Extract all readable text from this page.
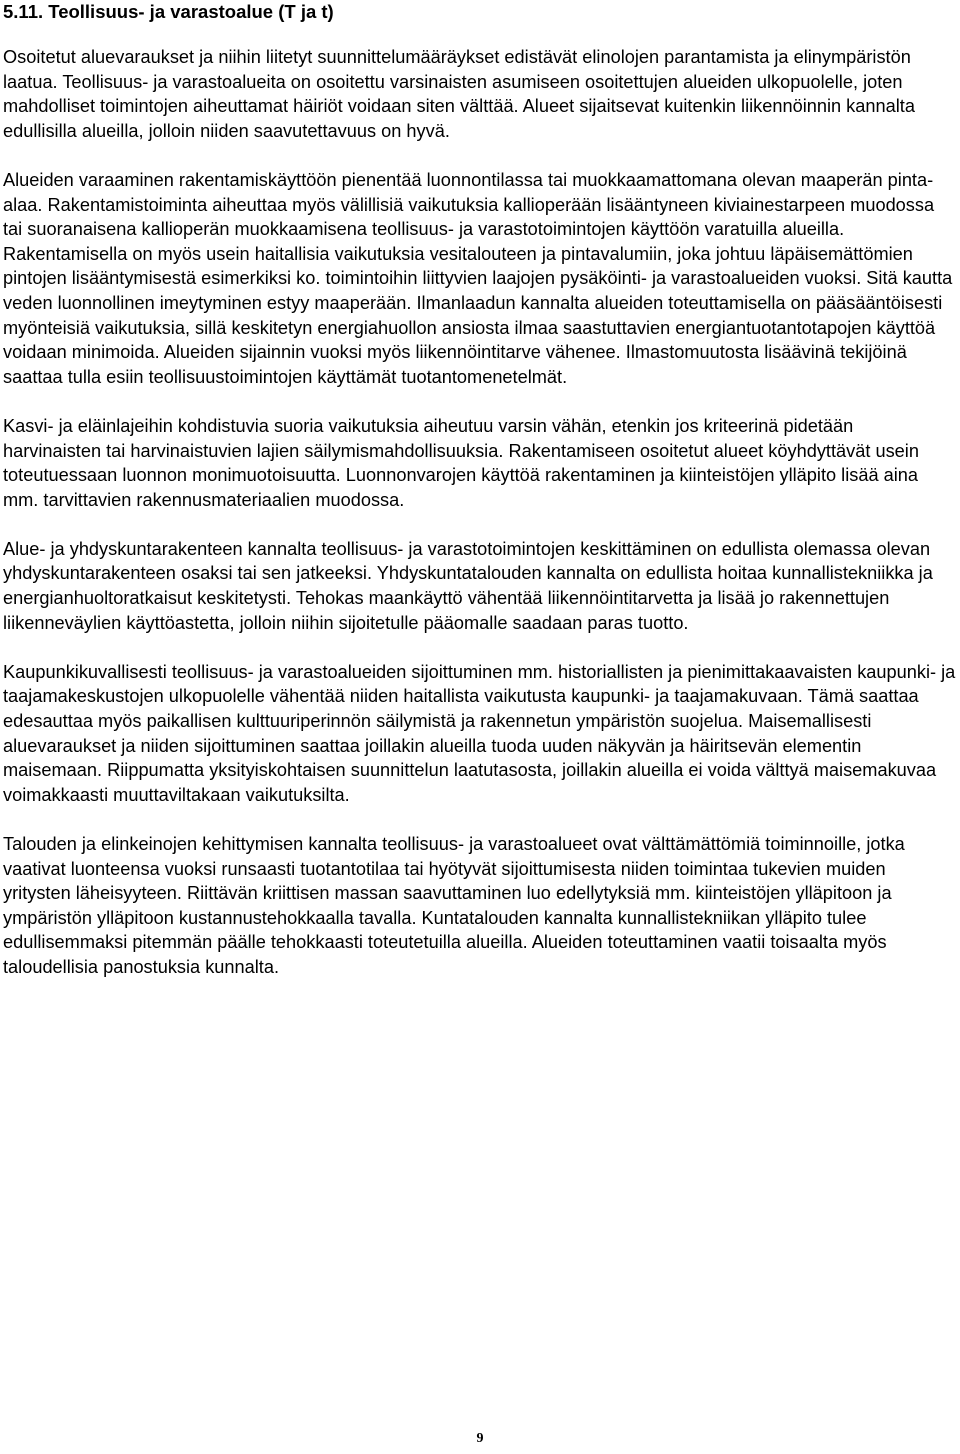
5.11. Teollisuus- ja varastoalue (T ja t)

Osoitetut aluevaraukset ja niihin liitetyt suunnittelumääräykset edistävät elinolojen parantamista ja elinympäristön laatua. Teollisuus- ja varastoalueita on osoitettu varsinaisten asumiseen osoitettujen alueiden ulkopuolelle, joten mahdolliset toimintojen aiheuttamat häiriöt voidaan siten välttää. Alueet sijaitsevat kuitenkin liikennöinnin kannalta edullisilla alueilla, jolloin niiden saavutettavuus on hyvä.

Alueiden varaaminen rakentamiskäyttöön pienentää luonnontilassa tai muokkaamattomana olevan maaperän pinta-alaa. Rakentamistoiminta aiheuttaa myös välillisiä vaikutuksia kallioperään lisääntyneen kiviainestarpeen muodossa tai suoranaisena kallioperän muokkaamisena teollisuus- ja varastotoimintojen käyttöön varatuilla alueilla. Rakentamisella on myös usein haitallisia vaikutuksia vesitalouteen ja pintavalumiin, joka johtuu läpäisemättömien pintojen lisääntymisestä esimerkiksi ko. toimintoihin liittyvien laajojen pysäköinti- ja varastoalueiden vuoksi. Sitä kautta veden luonnollinen imeytyminen estyy maaperään. Ilmanlaadun kannalta alueiden toteuttamisella on pääsääntöisesti myönteisiä vaikutuksia, sillä keskitetyn energiahuollon ansiosta ilmaa saastuttavien energiantuotantotapojen käyttöä voidaan minimoida. Alueiden sijainnin vuoksi myös liikennöintitarve vähenee. Ilmastomuutosta lisäävinä tekijöinä saattaa tulla esiin teollisuustoimintojen käyttämät tuotantomenetelmät.

Kasvi- ja eläinlajeihin kohdistuvia suoria vaikutuksia aiheutuu varsin vähän, etenkin jos kriteerinä pidetään harvinaisten tai harvinaistuvien lajien säilymismahdollisuuksia. Rakentamiseen osoitetut alueet köyhdyttävät usein toteutuessaan luonnon monimuotoisuutta. Luonnonvarojen käyttöä rakentaminen ja kiinteistöjen ylläpito lisää aina mm. tarvittavien rakennusmateriaalien muodossa.

Alue- ja yhdyskuntarakenteen kannalta teollisuus- ja varastotoimintojen keskittäminen on edullista olemassa olevan yhdyskuntarakenteen osaksi tai sen jatkeeksi. Yhdyskuntatalouden kannalta on edullista hoitaa kunnallistekniikka ja energianhuoltoratkaisut keskitetysti. Tehokas maankäyttö vähentää liikennöintitarvetta ja lisää jo rakennettujen liikenneväylien käyttöastetta, jolloin niihin sijoitetulle pääomalle saadaan paras tuotto.

Kaupunkikuvallisesti teollisuus- ja varastoalueiden sijoittuminen mm. historiallisten ja pienimittakaavaisten kaupunki- ja taajamakeskustojen ulkopuolelle vähentää niiden haitallista vaikutusta kaupunki- ja taajamakuvaan. Tämä saattaa edesauttaa myös paikallisen kulttuuriperinnön säilymistä ja rakennetun ympäristön suojelua. Maisemallisesti aluevaraukset ja niiden sijoittuminen saattaa joillakin alueilla tuoda uuden näkyvän ja häiritsevän elementin maisemaan. Riippumatta yksityiskohtaisen suunnittelun laatutasosta, joillakin alueilla ei voida välttyä maisemakuvaa voimakkaasti muuttaviltakaan vaikutuksilta.

Talouden ja elinkeinojen kehittymisen kannalta teollisuus- ja varastoalueet ovat välttämättömiä toiminnoille, jotka vaativat luonteensa vuoksi runsaasti tuotantotilaa tai hyötyvät sijoittumisesta niiden toimintaa tukevien muiden yritysten läheisyyteen. Riittävän kriittisen massan saavuttaminen luo edellytyksiä mm. kiinteistöjen ylläpitoon ja ympäristön ylläpitoon kustannustehokkaalla tavalla. Kuntatalouden kannalta kunnallistekniikan ylläpito tulee edullisemmaksi pitemmän päälle tehokkaasti toteutetuilla alueilla. Alueiden toteuttaminen vaatii toisaalta myös taloudellisia panostuksia kunnalta.

9
